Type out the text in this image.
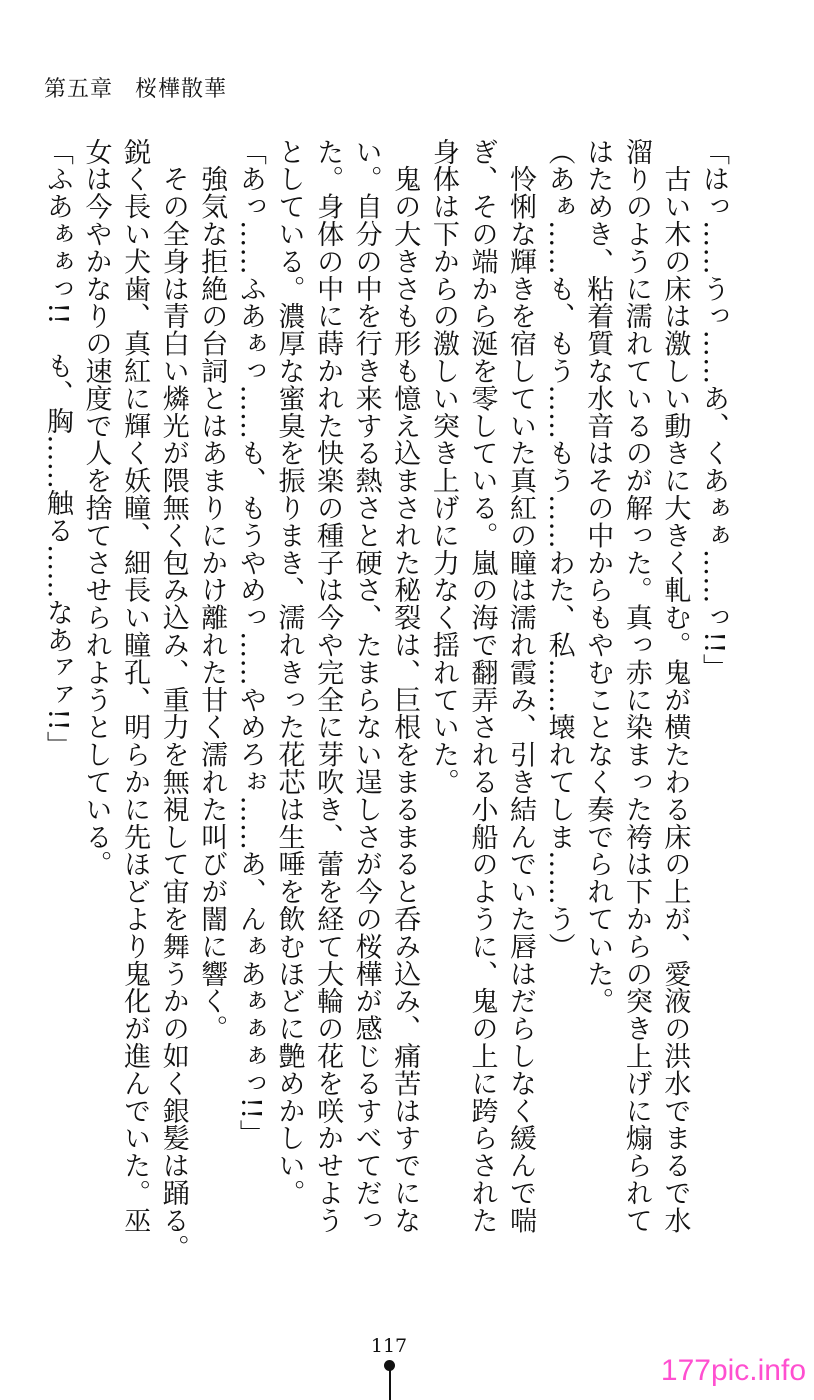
第五章 桜樺散華

「はっ……うっ……あ、くあぁぁ……っ!!」

　古い木の床は激しい動きに大きく軋む。鬼が横たわる床の上が、愛液の洪水でまるで水

溜りのように濡れているのが解った。真っ赤に染まった袴は下からの突き上げに煽られて

はためき、粘着質な水音はその中からもやむことなく奏でられていた。

（あぁ……も、もう……もう……わた、私……壊れてしま……う）

　怜悧な輝きを宿していた真紅の瞳は濡れ霞み、引き結んでいた唇はだらしなく緩んで喘

ぎ、その端から涎を零している。嵐の海で翻弄される小船のように、鬼の上に跨らされた

身体は下からの激しい突き上げに力なく揺れていた。

　鬼の大きさも形も憶え込まされた秘裂は、巨根をまるまると呑み込み、痛苦はすでにな

い。自分の中を行き来する熱さと硬さ、たまらない逞しさが今の桜樺が感じるすべてだっ

た。身体の中に蒔かれた快楽の種子は今や完全に芽吹き、蕾を経て大輪の花を咲かせよう

としている。濃厚な蜜臭を振りまき、濡れきった花芯は生唾を飲むほどに艶めかしい。

「あっ……ふあぁっ……も、もうやめっ……やめろぉ……あ、んぁあぁぁぁっ!!」

　強気な拒絶の台詞とはあまりにかけ離れた甘く濡れた叫びが闇に響く。

　その全身は青白い燐光が隈無く包み込み、重力を無視して宙を舞うかの如く銀髪は踊る。

鋭く長い犬歯、真紅に輝く妖瞳、細長い瞳孔、明らかに先ほどより鬼化が進んでいた。巫

女は今やかなりの速度で人を捨てさせられようとしている。

「ふあぁぁっ!!　も、胸……触る……なあァァ!!」

117
177pic.info
